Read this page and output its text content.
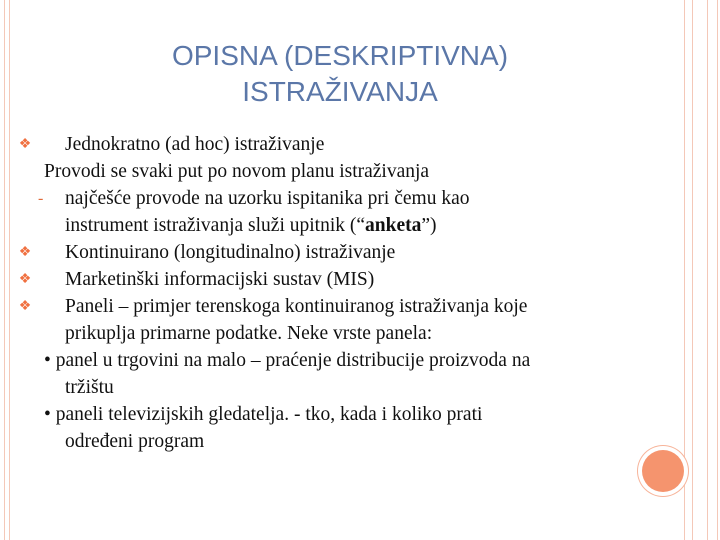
OPISNA (DESKRIPTIVNA)
ISTRAŽIVANJA
❖ Jednokratno (ad hoc) istraživanje
Provodi se svaki put po novom planu istraživanja
- najčešće provode na uzorku ispitanika pri čemu kao
instrument istraživanja služi upitnik (“anketa”)
❖ Kontinuirano (longitudinalno) istraživanje
❖ Marketinški informacijski sustav (MIS)
❖ Paneli – primjer terenskoga kontinuiranog istraživanja koje
prikuplja primarne podatke. Neke vrste panela:
• panel u trgovini na malo – praćenje distribucije proizvoda na
tržištu
• paneli televizijskih gledatelja. - tko, kada i koliko prati
određeni program
